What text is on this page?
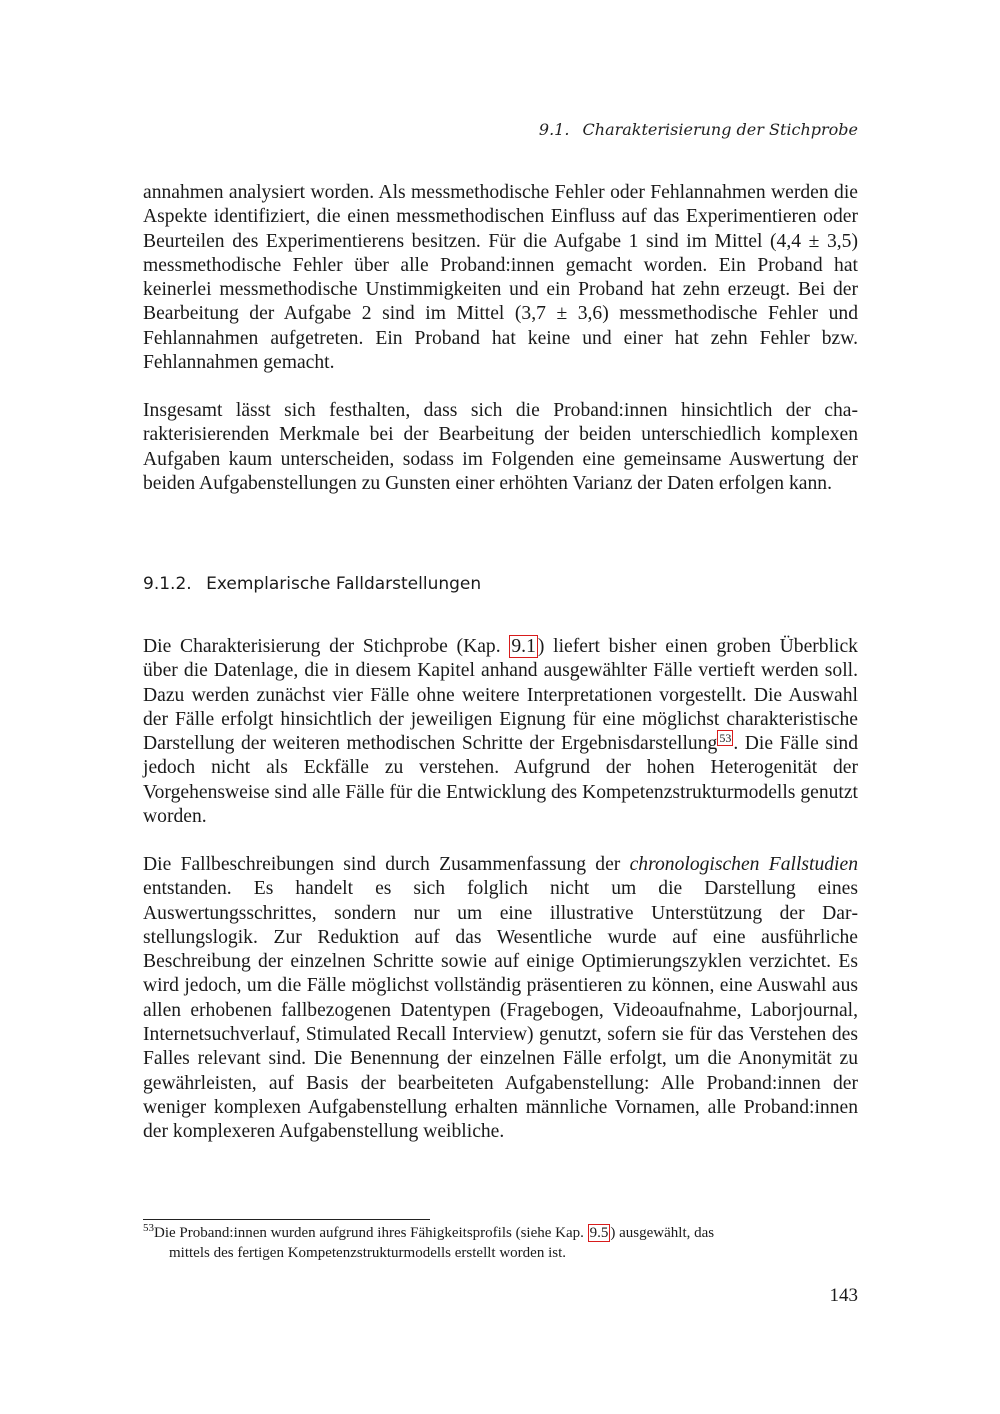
9.1. Charakterisierung der Stichprobe

annahmen analysiert worden. Als messmethodische Fehler oder Fehlannahmen werden die Aspekte identifiziert, die einen messmethodischen Einfluss auf das Experimentieren oder Beurteilen des Experimentierens besitzen. Für die Aufgabe 1 sind im Mittel (4,4 ± 3,5) messmethodische Fehler über alle Proband:innen gemacht worden. Ein Proband hat keinerlei messmethodische Unstimmigkeiten und ein Proband hat zehn erzeugt. Bei der Bearbeitung der Aufgabe 2 sind im Mittel (3,7 ± 3,6) messmethodische Fehler und Fehlannahmen aufgetreten. Ein Proband hat keine und einer hat zehn Fehler bzw. Fehlannahmen gemacht.

Insgesamt lässt sich festhalten, dass sich die Proband:innen hinsichtlich der charakterisierenden Merkmale bei der Bearbeitung der beiden unterschiedlich komplexen Aufgaben kaum unterscheiden, sodass im Folgenden eine gemeinsame Auswertung der beiden Aufgabenstellungen zu Gunsten einer erhöhten Varianz der Daten erfolgen kann.

9.1.2. Exemplarische Falldarstellungen

Die Charakterisierung der Stichprobe (Kap. 9.1 ) liefert bisher einen groben Überblick über die Datenlage, die in diesem Kapitel anhand ausgewählter Fälle vertieft werden soll. Dazu werden zunächst vier Fälle ohne weitere Interpretationen vorgestellt. Die Auswahl der Fälle erfolgt hinsichtlich der jeweiligen Eignung für eine möglichst charakteristische Darstellung der weiteren methodischen Schritte der Ergebnisdarstellung $^{53}$ . Die Fälle sind jedoch nicht als Eckfälle zu verstehen. Aufgrund der hohen Heterogenität der Vorgehensweise sind alle Fälle für die Entwicklung des Kompetenzstrukturmodells genutzt worden.

Die Fallbeschreibungen sind durch Zusammenfassung der chronologischen Fallstudien entstanden. Es handelt es sich folglich nicht um die Darstellung eines Auswertungsschrittes, sondern nur um eine illustrative Unterstützung der Darstellungslogik. Zur Reduktion auf das Wesentliche wurde auf eine ausführliche Beschreibung der einzelnen Schritte sowie auf einige Optimierungszyklen verzichtet. Es wird jedoch, um die Fälle möglichst vollständig präsentieren zu können, eine Auswahl aus allen erhobenen fallbezogenen Datentypen (Fragebogen, Videoaufnahme, Laborjournal, Internetsuchverlauf, Stimulated Recall Interview) genutzt, sofern sie für das Verstehen des Falles relevant sind. Die Benennung der einzelnen Fälle erfolgt, um die Anonymität zu gewährleisten, auf Basis der bearbeiteten Aufgabenstellung: Alle Proband:innen der weniger komplexen Aufgabenstellung erhalten männliche Vornamen, alle Proband:innen der komplexeren Aufgabenstellung weibliche.

$^{53}$Die Proband:innen wurden aufgrund ihres Fähigkeitsprofils (siehe Kap. 9.5 ) ausgewählt, das
mittels des fertigen Kompetenzstrukturmodells erstellt worden ist.
143
